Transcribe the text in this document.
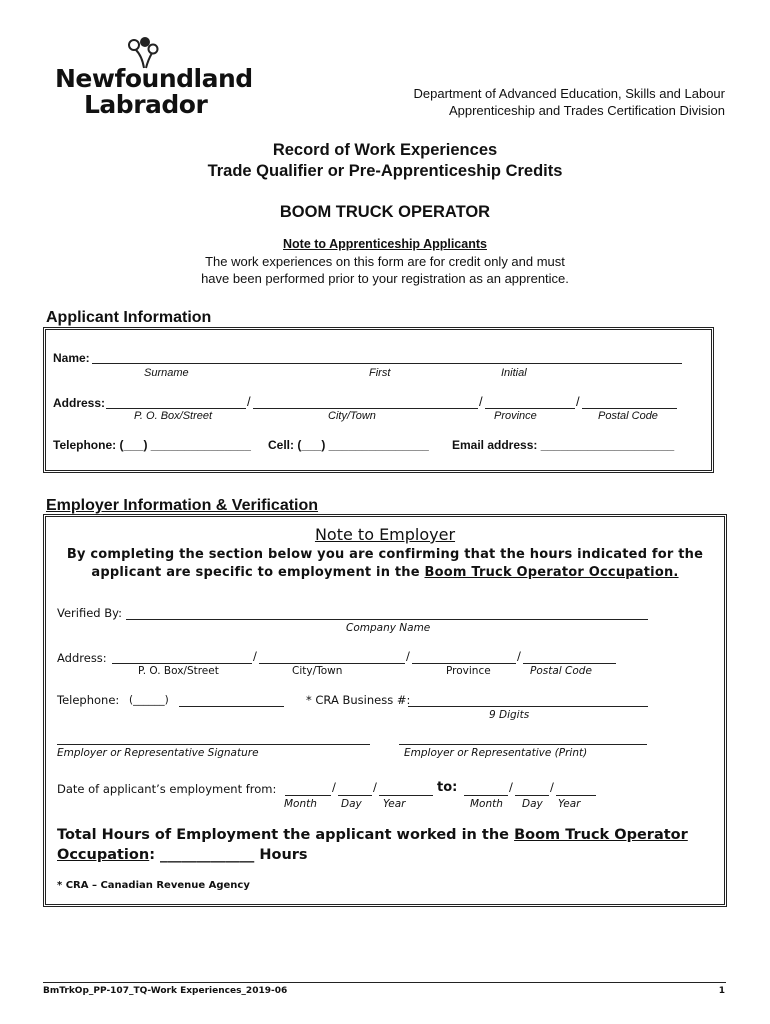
Newfoundland
Labrador	Department of Advanced Education, Skills and Labour
Apprenticeship and Trades Certification Division
Record of Work Experiences
Trade Qualifier or Pre-Apprenticeship Credits
BOOM TRUCK OPERATOR
Note to Apprenticeship Applicants
The work experiences on this form are for credit only and must
have been performed prior to your registration as an apprentice.
Applicant Information
Name:
Surname	First	Initial
Address:	/	/	/
P. O. Box/Street	City/Town	Province	Postal Code
Telephone: (___) _______________ Cell: (___) _______________ Email address: ____________________
Employer Information & Verification
Note to Employer
By completing the section below you are confirming that the hours indicated for the
applicant are specific to employment in the Boom Truck Operator Occupation.
Verified By:
Company Name
Address:	/	/	/
P. O. Box/Street	City/Town	Province	Postal Code
Telephone: (______)	* CRA Business #:
9 Digits
Employer or Representative Signature	Employer or Representative (Print)
Date of applicant’s employment from:	/	/	to:	/	/
Month Day Year	Month Day Year
Total Hours of Employment the applicant worked in the Boom Truck Operator
Occupation: _____________ Hours
* CRA – Canadian Revenue Agency
BmTrkOp_PP-107_TQ-Work Experiences_2019-06	1
